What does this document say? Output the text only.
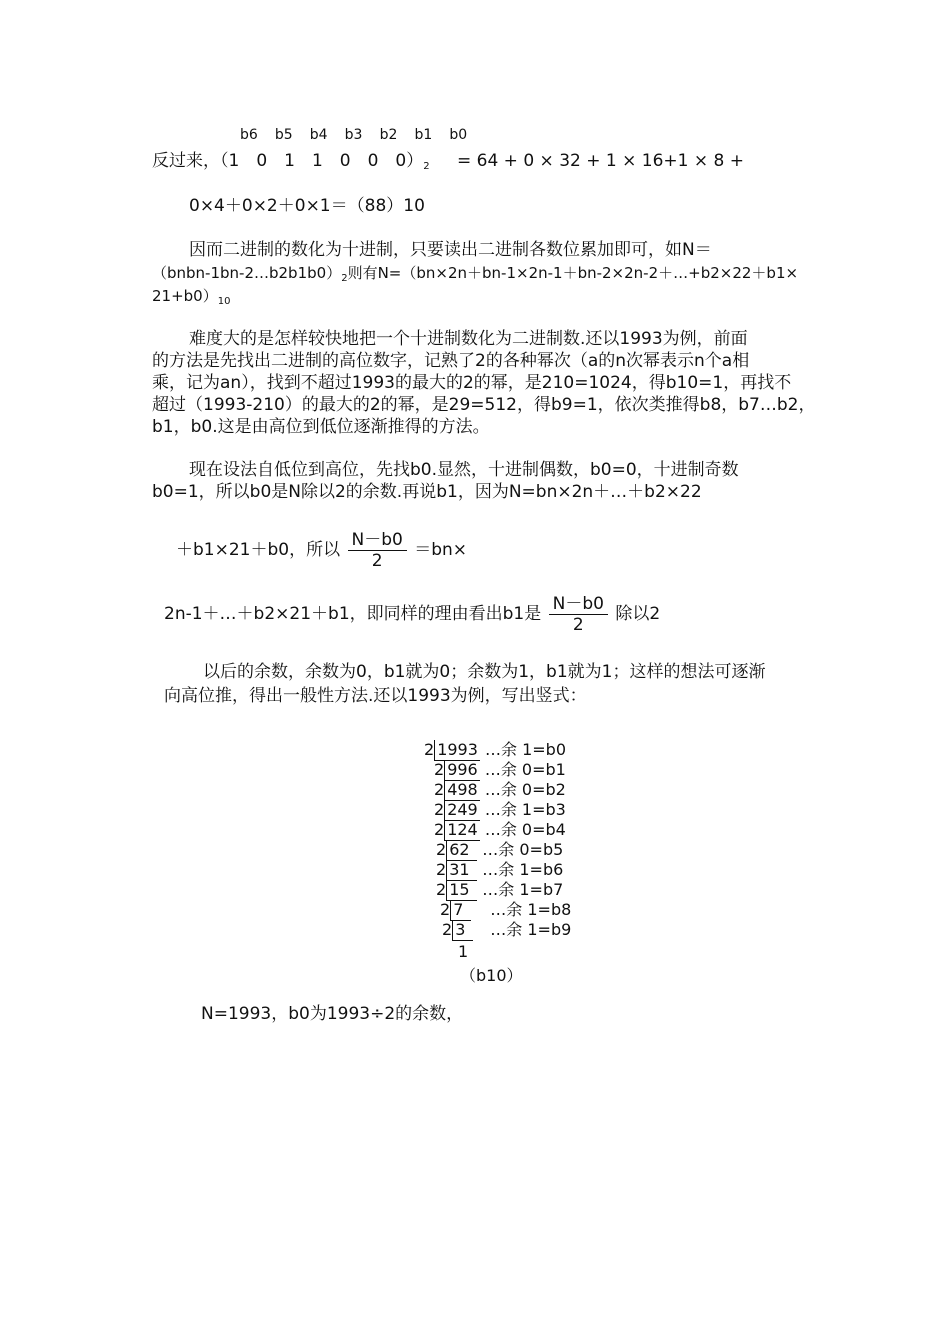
b6 b5 b4 b3 b2 b1 b0
反过来，（1　0　1　1　0　0　$0)_2 = 64 + 0 \times 32 + 1 \times 16+1 \times 8$ +
0×4＋0×2＋0×1＝（88）10
因而二进制的数化为十进制，只要读出二进制各数位累加即可，如N＝
$(bnbn-1bn-2\dots b2b1b0)_2$则有N=（bn×2n＋bn-1×2n-1＋bn-2×2n-2＋…+b2×22＋b1×
$21+b0)_{10}$
难度大的是怎样较快地把一个十进制数化为二进制数.还以1993为例，前面
的方法是先找出二进制的高位数字，记熟了2的各种幂次（a的n次幂表示n个a相
乘，记为an），找到不超过1993的最大的2的幂，是210=1024，得b10=1，再找不
超过（1993-210）的最大的2的幂，是29=512，得b9=1，依次类推得b8，b7…b2，
b1，b0.这是由高位到低位逐渐推得的方法。
现在设法自低位到高位，先找b0.显然，十进制偶数，b0=0，十进制奇数
b0=1，所以b0是N除以2的余数.再说b1，因为N=bn×2n＋…＋b2×22
＋b1×21＋b0，所以 $\frac{N-b0}{2} =bn\times$
2n-1＋…＋b2×21＋b1，即同样的理由看出b1是 $\frac{N-b0}{2}$ 除以2
以后的余数，余数为0，b1就为0；余数为1，b1就为1；这样的想法可逐渐
向高位推，得出一般性方法.还以1993为例，写出竖式：
2 1993 …余 1=b0
2 996 …余 0=b1
2 498 …余 0=b2
2 249 …余 1=b3
2 124 …余 0=b4
2 62 …余 0=b5
2 31 …余 1=b6
2 15 …余 1=b7
2 7 …余 1=b8
2 3 …余 1=b9
1
（b10）
N=1993，b0为1993÷2的余数，
